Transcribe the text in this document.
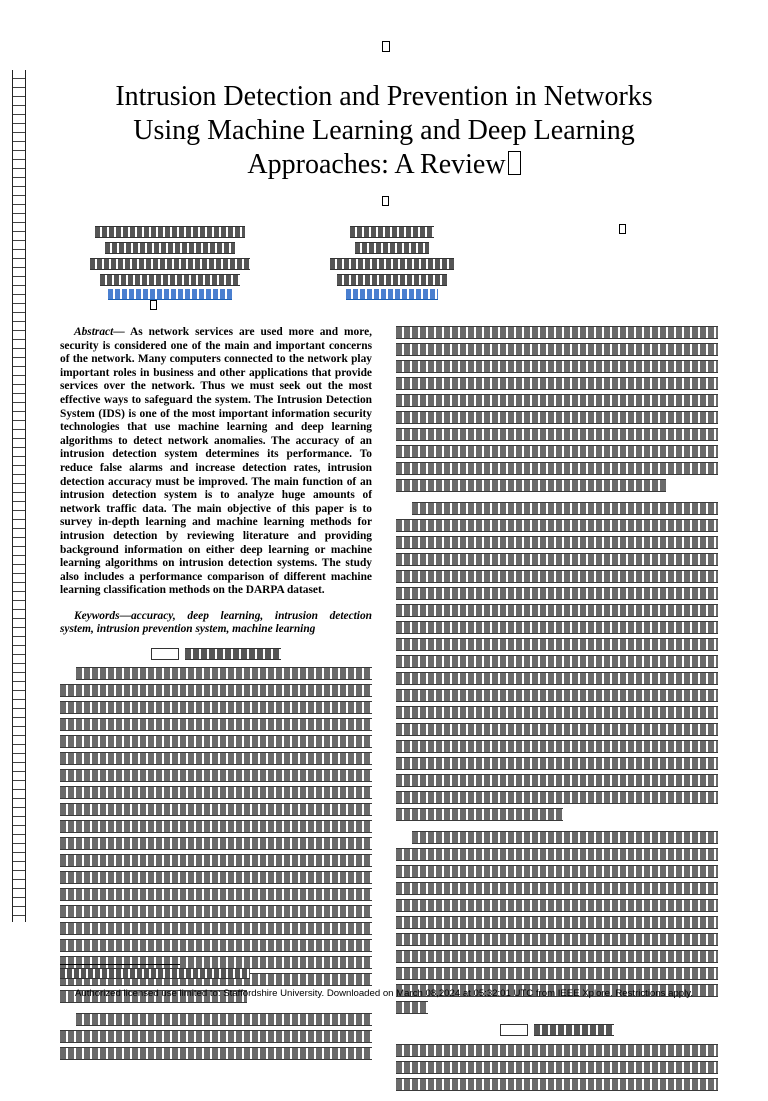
Intrusion Detection and Prevention in Networks
Using Machine Learning and Deep Learning
Approaches: A Review

Abstract— As network services are used more and more, security is considered one of the main and important concerns of the network. Many computers connected to the network play important roles in business and other applications that provide services over the network. Thus we must seek out the most effective ways to safeguard the system. The Intrusion Detection System (IDS) is one of the most important information security technologies that use machine learning and deep learning algorithms to detect network anomalies. The accuracy of an intrusion detection system determines its performance. To reduce false alarms and increase detection rates, intrusion detection accuracy must be improved. The main function of an intrusion detection system is to analyze huge amounts of network traffic data. The main objective of this paper is to survey in-depth learning and machine learning methods for intrusion detection by reviewing literature and providing background information on either deep learning or machine learning algorithms on intrusion detection systems. The study also includes a performance comparison of different machine learning classification methods on the DARPA dataset.

Keywords—accuracy, deep learning, intrusion detection system, intrusion prevention system, machine learning

Authorized licensed use limited to: Staffordshire University. Downloaded on March 08,2024 at 05:32:01 UTC from IEEE Xplore. Restrictions apply.
